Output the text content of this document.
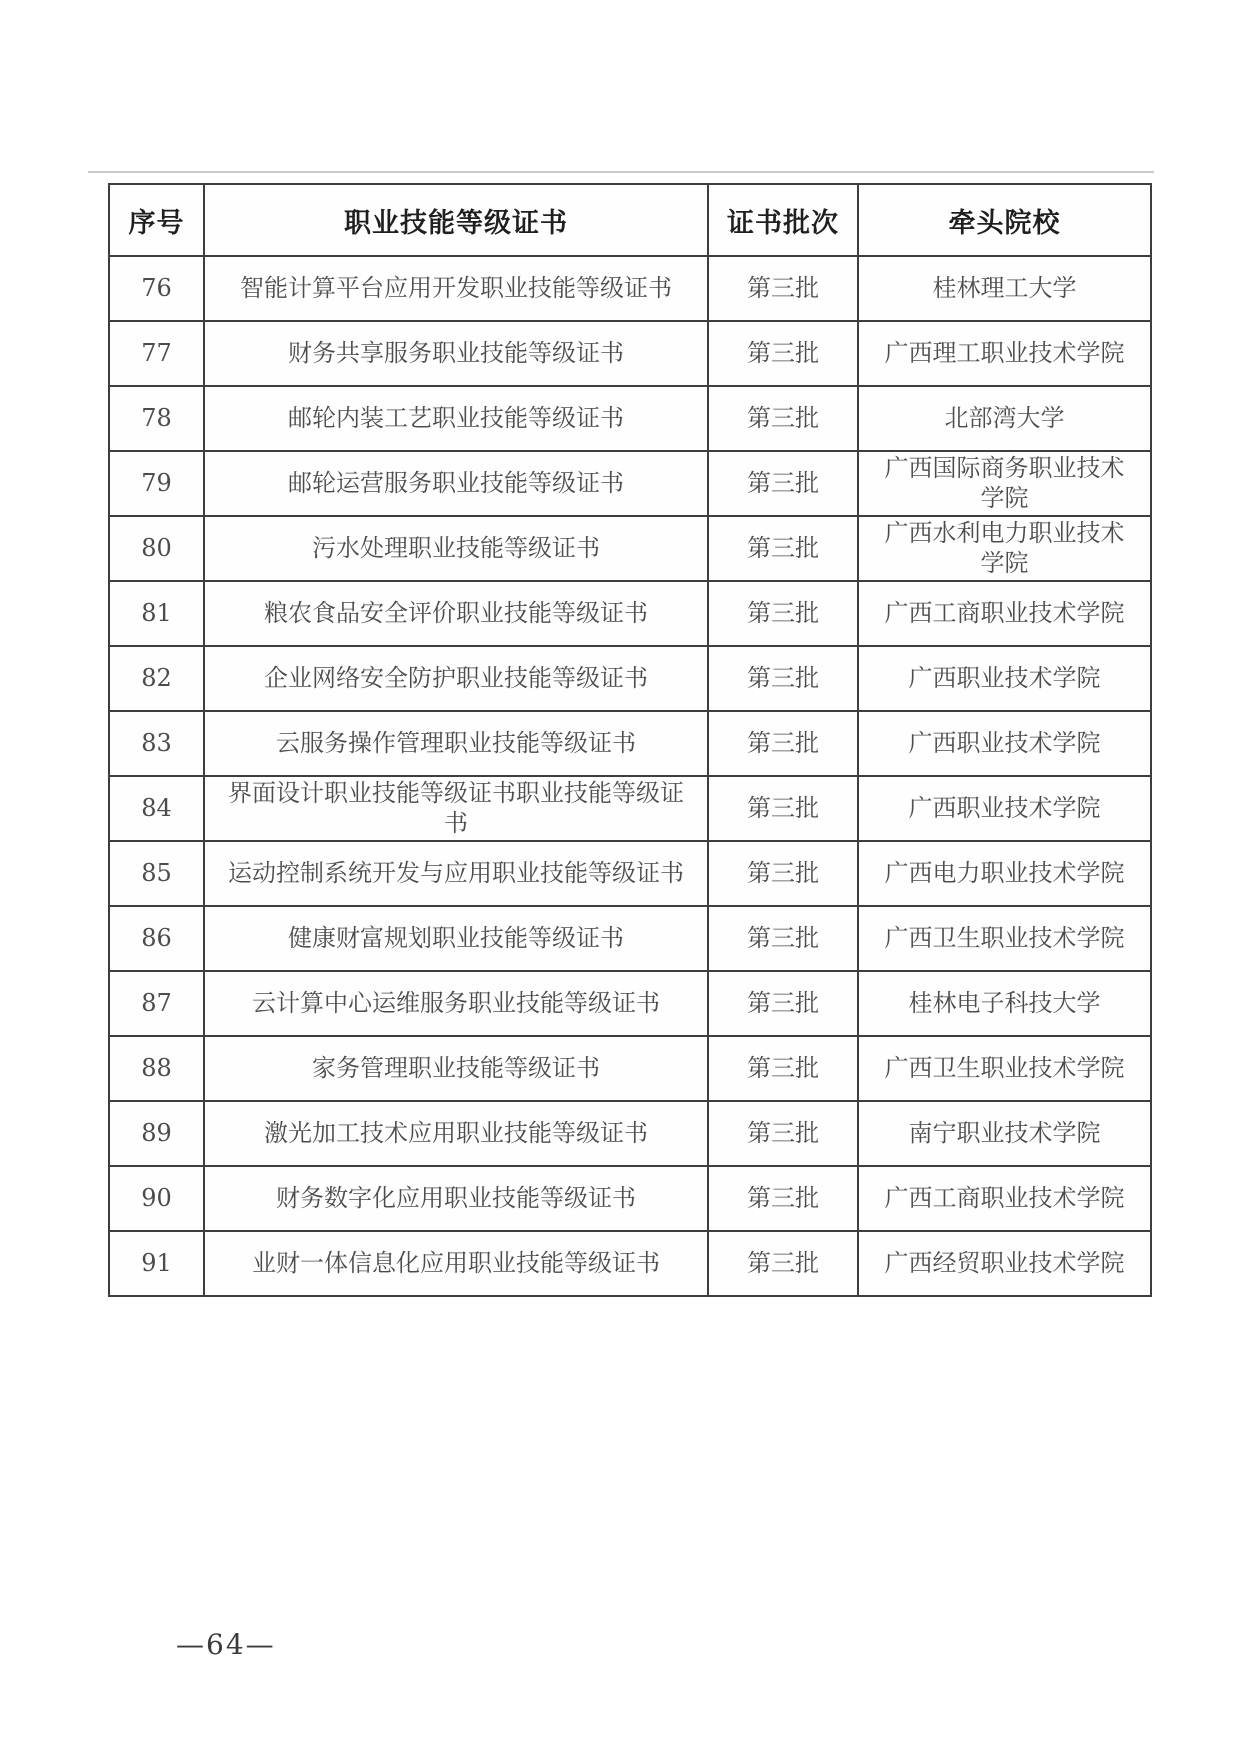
序号	职业技能等级证书	证书批次	牵头院校
76	智能计算平台应用开发职业技能等级证书	第三批	桂林理工大学
77	财务共享服务职业技能等级证书	第三批	广西理工职业技术学院
78	邮轮内装工艺职业技能等级证书	第三批	北部湾大学
79	邮轮运营服务职业技能等级证书	第三批	广西国际商务职业技术学院
80	污水处理职业技能等级证书	第三批	广西水利电力职业技术学院
81	粮农食品安全评价职业技能等级证书	第三批	广西工商职业技术学院
82	企业网络安全防护职业技能等级证书	第三批	广西职业技术学院
83	云服务操作管理职业技能等级证书	第三批	广西职业技术学院
84	界面设计职业技能等级证书职业技能等级证书	第三批	广西职业技术学院
85	运动控制系统开发与应用职业技能等级证书	第三批	广西电力职业技术学院
86	健康财富规划职业技能等级证书	第三批	广西卫生职业技术学院
87	云计算中心运维服务职业技能等级证书	第三批	桂林电子科技大学
88	家务管理职业技能等级证书	第三批	广西卫生职业技术学院
89	激光加工技术应用职业技能等级证书	第三批	南宁职业技术学院
90	财务数字化应用职业技能等级证书	第三批	广西工商职业技术学院
91	业财一体信息化应用职业技能等级证书	第三批	广西经贸职业技术学院
—64—
